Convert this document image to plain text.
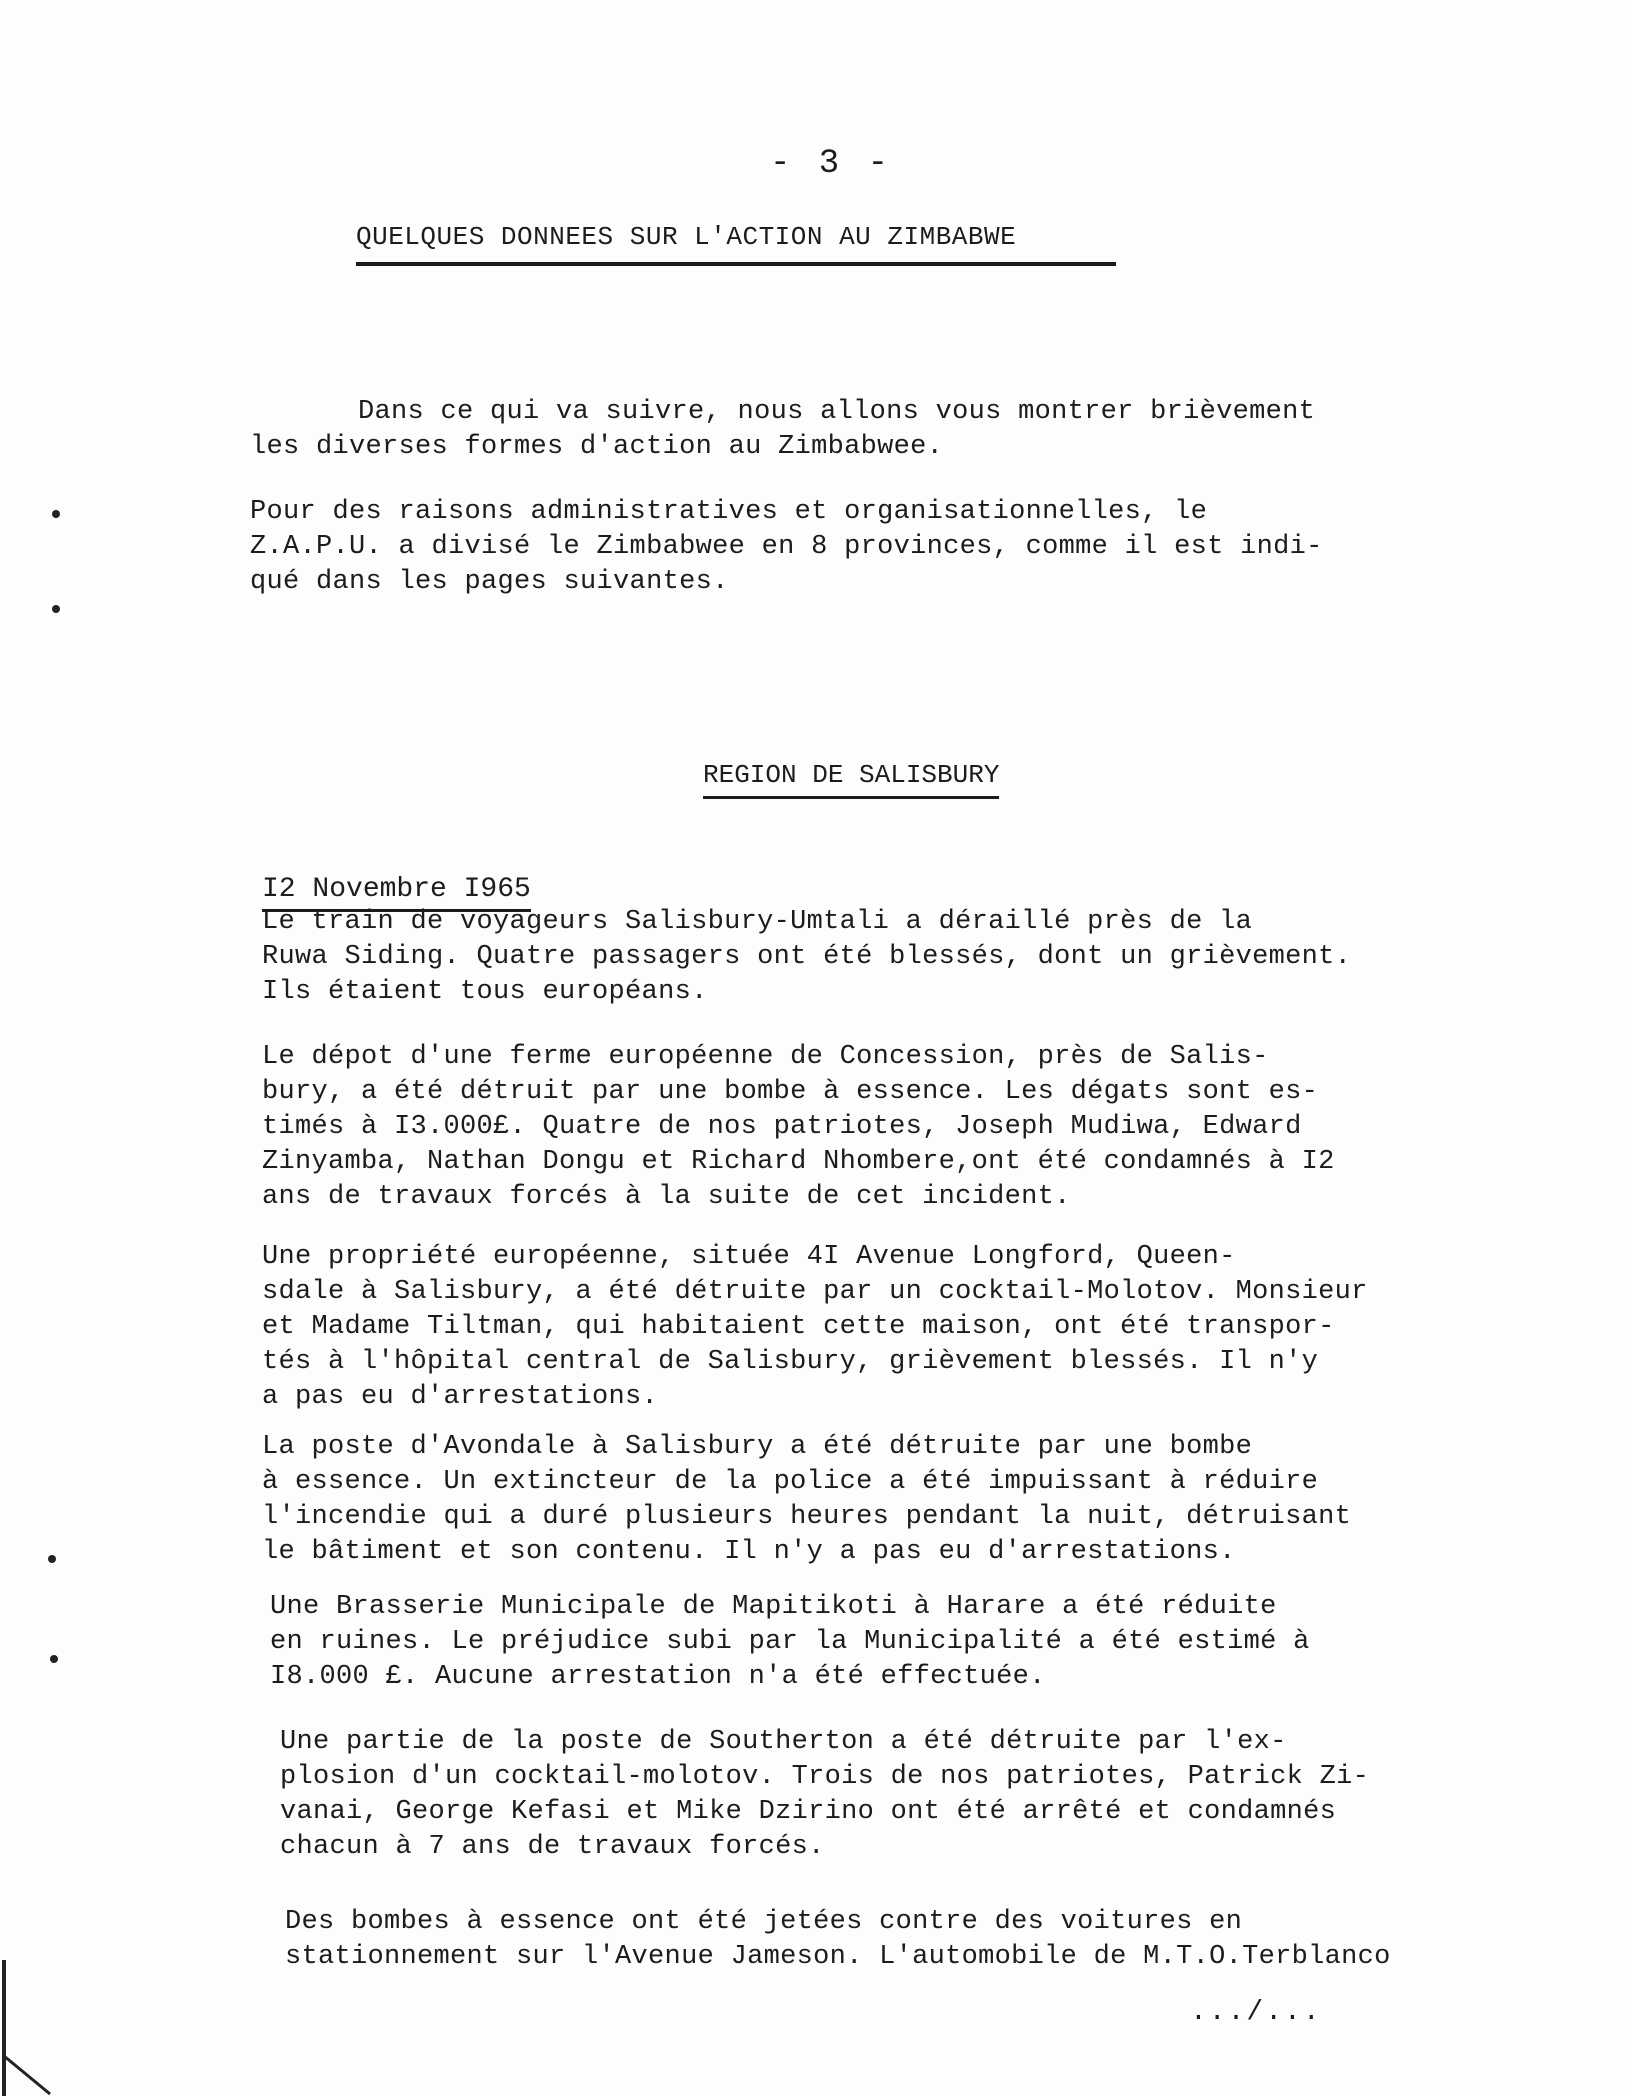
- 3 -
QUELQUES DONNEES SUR L'ACTION AU ZIMBABWE
Dans ce qui va suivre, nous allons vous montrer brièvement
les diverses formes d'action au Zimbabwee.
Pour des raisons administratives et organisationnelles, le
Z.A.P.U. a divisé le Zimbabwee en 8 provinces, comme il est indi-
qué dans les pages suivantes.
REGION DE SALISBURY
I2 Novembre I965
Le train de voyageurs Salisbury-Umtali a déraillé près de la
Ruwa Siding. Quatre passagers ont été blessés, dont un grièvement.
Ils étaient tous européans.
Le dépot d'une ferme européenne de Concession, près de Salis-
bury, a été détruit par une bombe à essence. Les dégats sont es-
timés à I3.000£. Quatre de nos patriotes, Joseph Mudiwa, Edward
Zinyamba, Nathan Dongu et Richard Nhombere,ont été condamnés à I2
ans de travaux forcés à la suite de cet incident.
Une propriété européenne, située 4I Avenue Longford, Queen-
sdale à Salisbury, a été détruite par un cocktail-Molotov. Monsieur
et Madame Tiltman, qui habitaient cette maison, ont été transpor-
tés à l'hôpital central de Salisbury, grièvement blessés. Il n'y
a pas eu d'arrestations.
La poste d'Avondale à Salisbury a été détruite par une bombe
à essence. Un extincteur de la police a été impuissant à réduire
l'incendie qui a duré plusieurs heures pendant la nuit, détruisant
le bâtiment et son contenu. Il n'y a pas eu d'arrestations.
Une Brasserie Municipale de Mapitikoti à Harare a été réduite
en ruines. Le préjudice subi par la Municipalité a été estimé à
I8.000 £. Aucune arrestation n'a été effectuée.
Une partie de la poste de Southerton a été détruite par l'ex-
plosion d'un cocktail-molotov. Trois de nos patriotes, Patrick Zi-
vanai, George Kefasi et Mike Dzirino ont été arrêté et condamnés
chacun à 7 ans de travaux forcés.
Des bombes à essence ont été jetées contre des voitures en
stationnement sur l'Avenue Jameson. L'automobile de M.T.O.Terblanco
.../...
